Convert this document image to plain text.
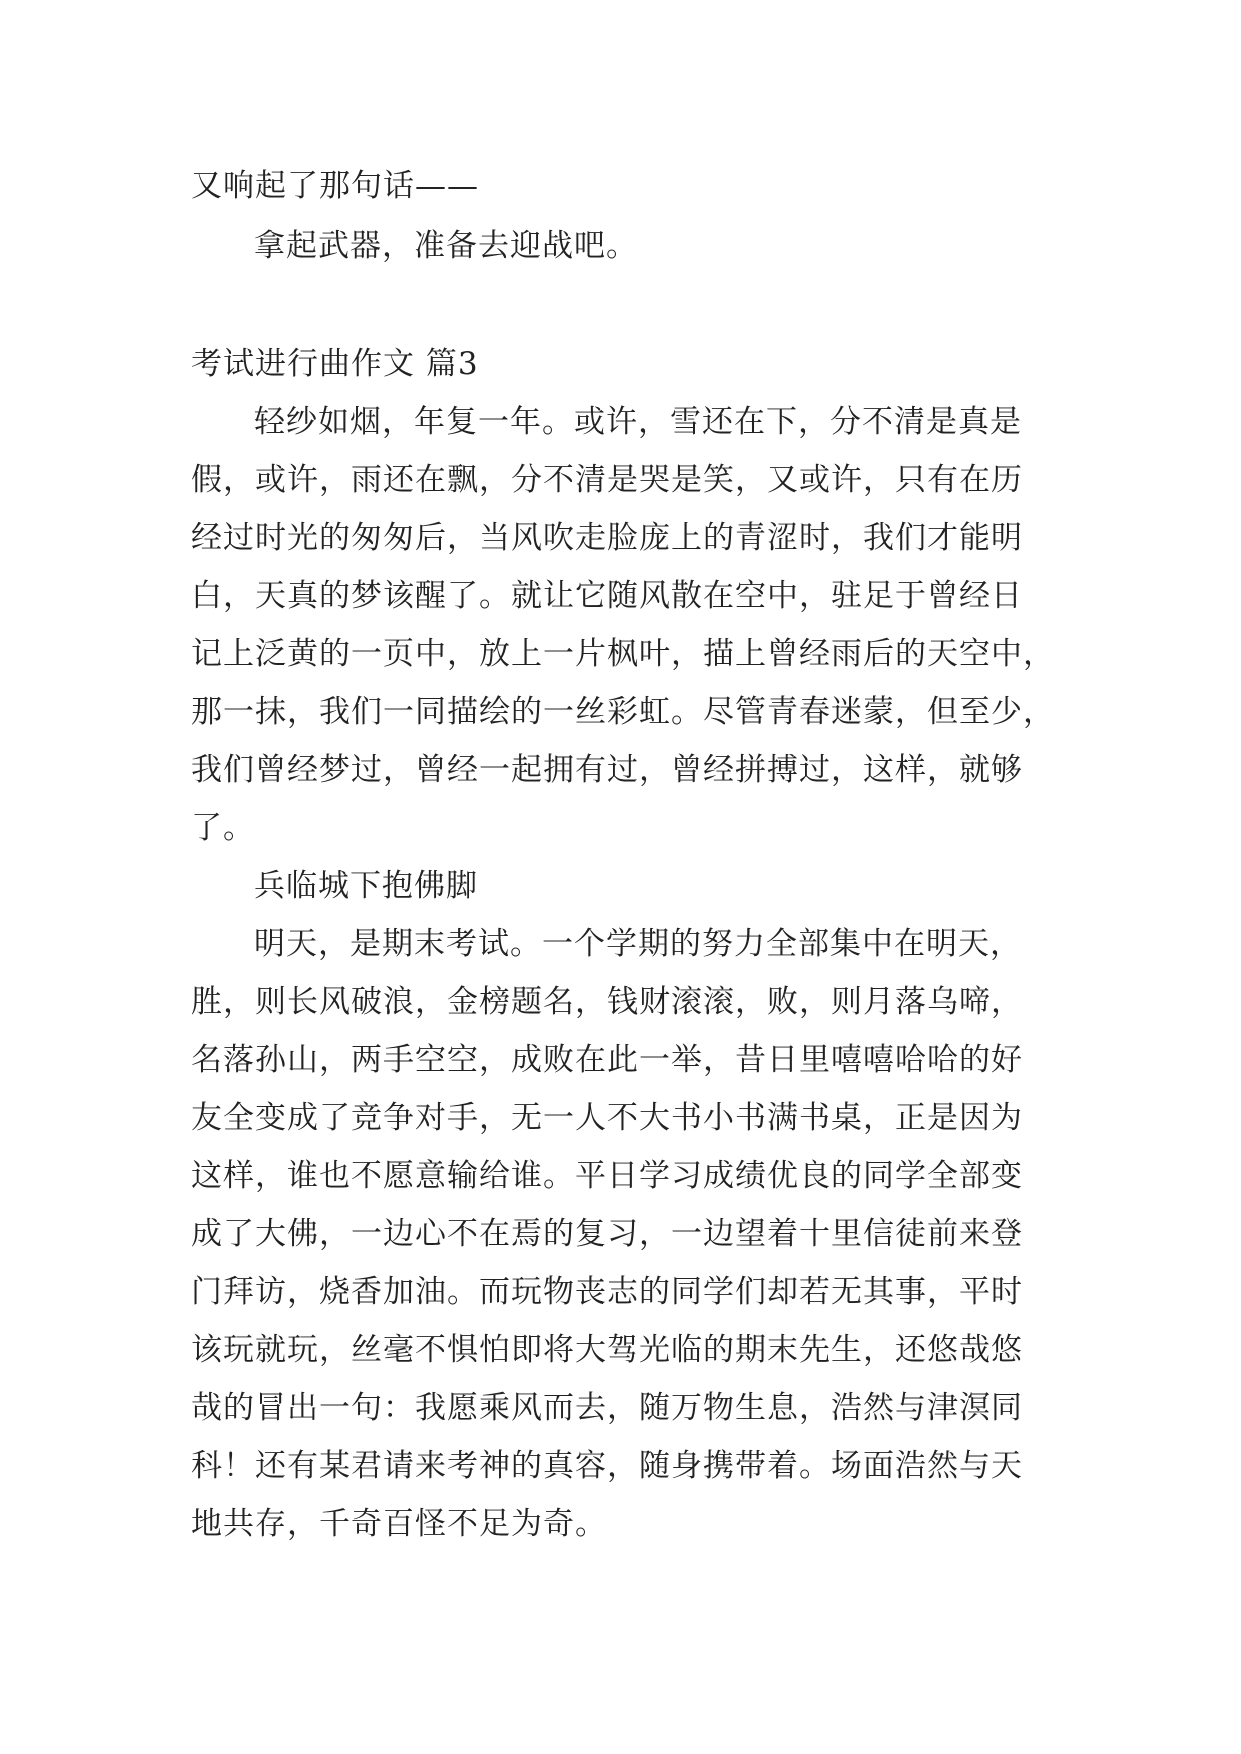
又响起了那句话——
拿起武器，准备去迎战吧。
考试进行曲作文 篇3
轻纱如烟，年复一年。或许，雪还在下，分不清是真是
假，或许，雨还在飘，分不清是哭是笑，又或许，只有在历
经过时光的匆匆后，当风吹走脸庞上的青涩时，我们才能明
白，天真的梦该醒了。就让它随风散在空中，驻足于曾经日
记上泛黄的一页中，放上一片枫叶，描上曾经雨后的天空中，
那一抹，我们一同描绘的一丝彩虹。尽管青春迷蒙，但至少，
我们曾经梦过，曾经一起拥有过，曾经拼搏过，这样，就够
了。
兵临城下抱佛脚
明天，是期末考试。一个学期的努力全部集中在明天，
胜，则长风破浪，金榜题名，钱财滚滚，败，则月落乌啼，
名落孙山，两手空空，成败在此一举，昔日里嘻嘻哈哈的好
友全变成了竞争对手，无一人不大书小书满书桌，正是因为
这样，谁也不愿意输给谁。平日学习成绩优良的同学全部变
成了大佛，一边心不在焉的复习，一边望着十里信徒前来登
门拜访，烧香加油。而玩物丧志的同学们却若无其事，平时
该玩就玩，丝毫不惧怕即将大驾光临的期末先生，还悠哉悠
哉的冒出一句：我愿乘风而去，随万物生息，浩然与津溟同
科！还有某君请来考神的真容，随身携带着。场面浩然与天
地共存，千奇百怪不足为奇。
